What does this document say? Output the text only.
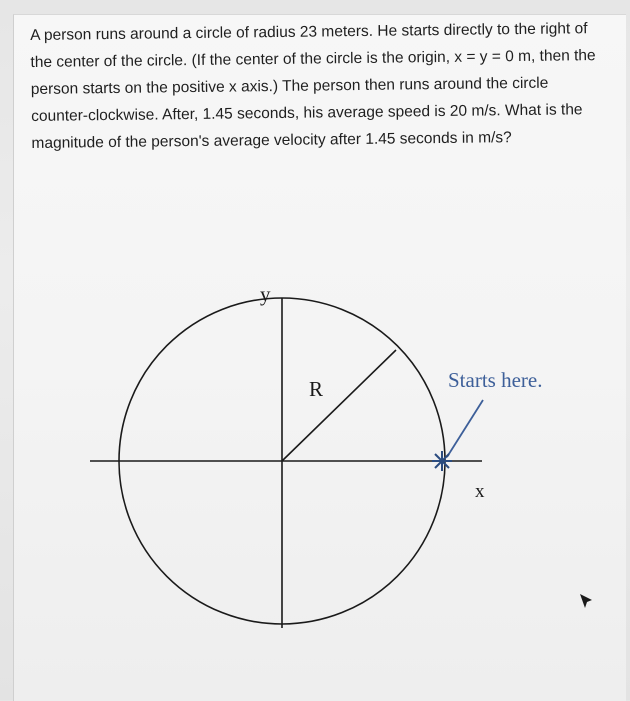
A person runs around a circle of radius 23 meters. He starts directly to the right of the center of the circle. (If the center of the circle is the origin, x = y = 0 m, then the person starts on the positive x axis.) The person then runs around the circle counter-clockwise. After, 1.45 seconds, his average speed is 20 m/s. What is the magnitude of the person's average velocity after 1.45 seconds in m/s?

y
x
R	Starts here.
